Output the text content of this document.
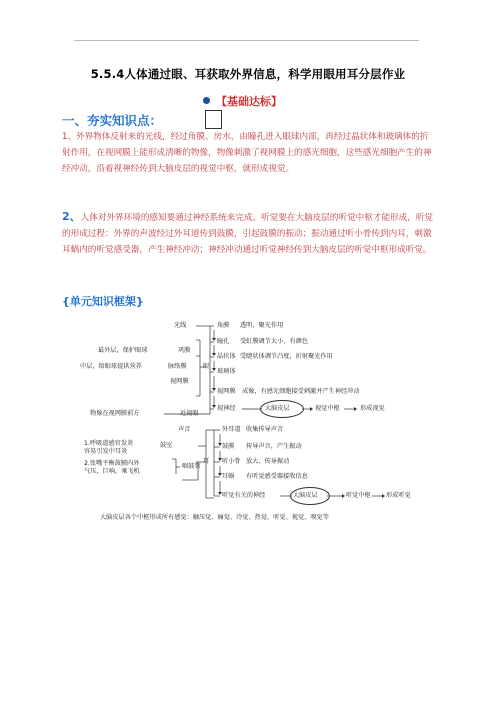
5.5.4人体通过眼、耳获取外界信息，科学用眼用耳分层作业
【基础达标】
一、夯实知识点：
1、外界物体反射来的光线，经过角膜、房水，由瞳孔进入眼球内部，再经过晶状体和玻璃体的折射作用，在视网膜上能形成清晰的物像，物像刺激了视网膜上的感光细胞，这些感光细胞产生的神经冲动，沿着视神经传到大脑皮层的视觉中枢，就形成视觉。
2、人体对外界环境的感知要通过神经系统来完成。听觉要在大脑皮层的听觉中枢才能形成，听觉的形成过程：外界的声波经过外耳道传到鼓膜，引起鼓膜的振动；振动通过听小骨传到内耳，刺激耳蜗内的听觉感受器，产生神经冲动；神经冲动通过听觉神经传到大脑皮层的听觉中枢形成听觉。
{单元知识框架}
光线	角膜 透明，聚光作用
瞳孔 受虹膜调节大小，有颜色
晶状体 受睫状体调节凸度，折射聚光作用
玻璃体
最外层，保护眼球	巩膜
中层，给眼球提供营养	脉络膜	眼
视网膜
视网膜 成像，有感光细胞接受刺激并产生神经冲动
物像在视网膜前方	近视眼
视神经	大脑皮层	视觉中枢	形成视觉
声音	外耳道 收集传导声音
1.呼吸道感官发炎
容易引发中耳炎
鼓室	鼓膜 传导声音，产生振动
2.张嘴平衡鼓膜内外
气压，巨响、乘飞机
咽鼓管
耳 听小骨 放大、传导振动
耳蜗 有听觉感受器接收信息
听觉有关的神经	大脑皮层	听觉中枢 形成听觉
大脑皮层各个中枢形成所有感觉：触压觉、痛觉、冷觉、热觉、听觉、视觉、嗅觉等
